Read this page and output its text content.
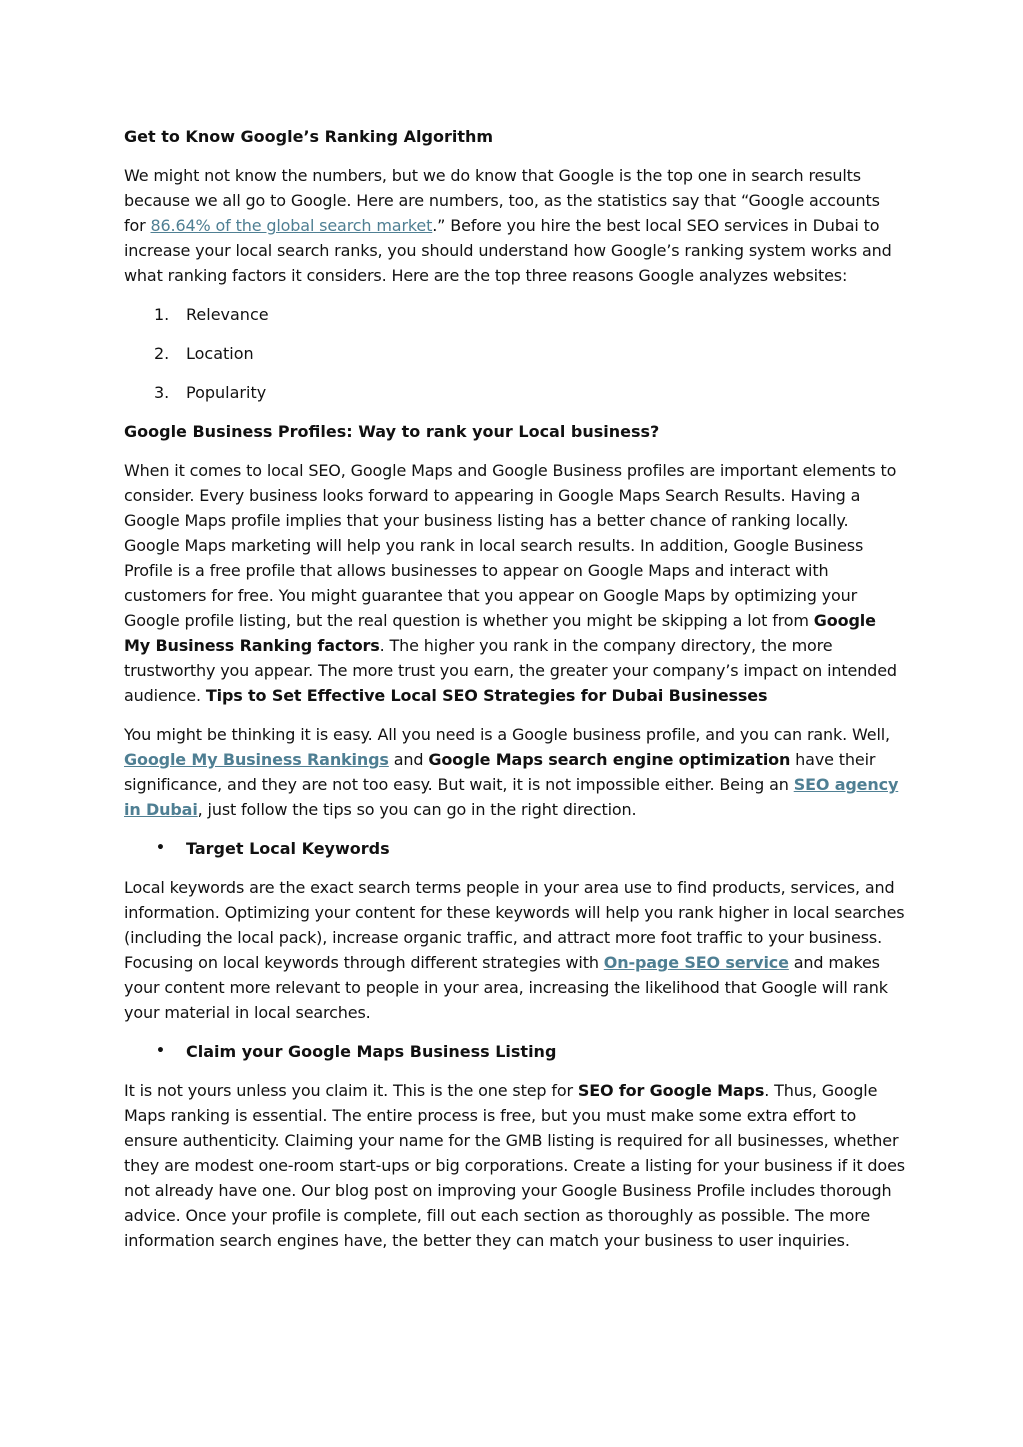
Get to Know Google’s Ranking Algorithm

We might not know the numbers, but we do know that Google is the top one in search results because we all go to Google. Here are numbers, too, as the statistics say that “Google accounts for 86.64% of the global search market.” Before you hire the best local SEO services in Dubai to increase your local search ranks, you should understand how Google’s ranking system works and what ranking factors it considers. Here are the top three reasons Google analyzes websites:

1. Relevance
2. Location
3. Popularity
Google Business Profiles: Way to rank your Local business?

When it comes to local SEO, Google Maps and Google Business profiles are important elements to consider. Every business looks forward to appearing in Google Maps Search Results. Having a Google Maps profile implies that your business listing has a better chance of ranking locally. Google Maps marketing will help you rank in local search results. In addition, Google Business Profile is a free profile that allows businesses to appear on Google Maps and interact with customers for free. You might guarantee that you appear on Google Maps by optimizing your Google profile listing, but the real question is whether you might be skipping a lot from Google My Business Ranking factors. The higher you rank in the company directory, the more trustworthy you appear. The more trust you earn, the greater your company’s impact on intended audience. Tips to Set Effective Local SEO Strategies for Dubai Businesses

You might be thinking it is easy. All you need is a Google business profile, and you can rank. Well, Google My Business Rankings and Google Maps search engine optimization have their significance, and they are not too easy. But wait, it is not impossible either. Being an SEO agency in Dubai, just follow the tips so you can go in the right direction.

• Target Local Keywords

Local keywords are the exact search terms people in your area use to find products, services, and information. Optimizing your content for these keywords will help you rank higher in local searches (including the local pack), increase organic traffic, and attract more foot traffic to your business. Focusing on local keywords through different strategies with On-page SEO service and makes your content more relevant to people in your area, increasing the likelihood that Google will rank your material in local searches.

• Claim your Google Maps Business Listing

It is not yours unless you claim it. This is the one step for SEO for Google Maps. Thus, Google Maps ranking is essential. The entire process is free, but you must make some extra effort to ensure authenticity. Claiming your name for the GMB listing is required for all businesses, whether they are modest one-room start-ups or big corporations. Create a listing for your business if it does not already have one. Our blog post on improving your Google Business Profile includes thorough advice. Once your profile is complete, fill out each section as thoroughly as possible. The more information search engines have, the better they can match your business to user inquiries.
